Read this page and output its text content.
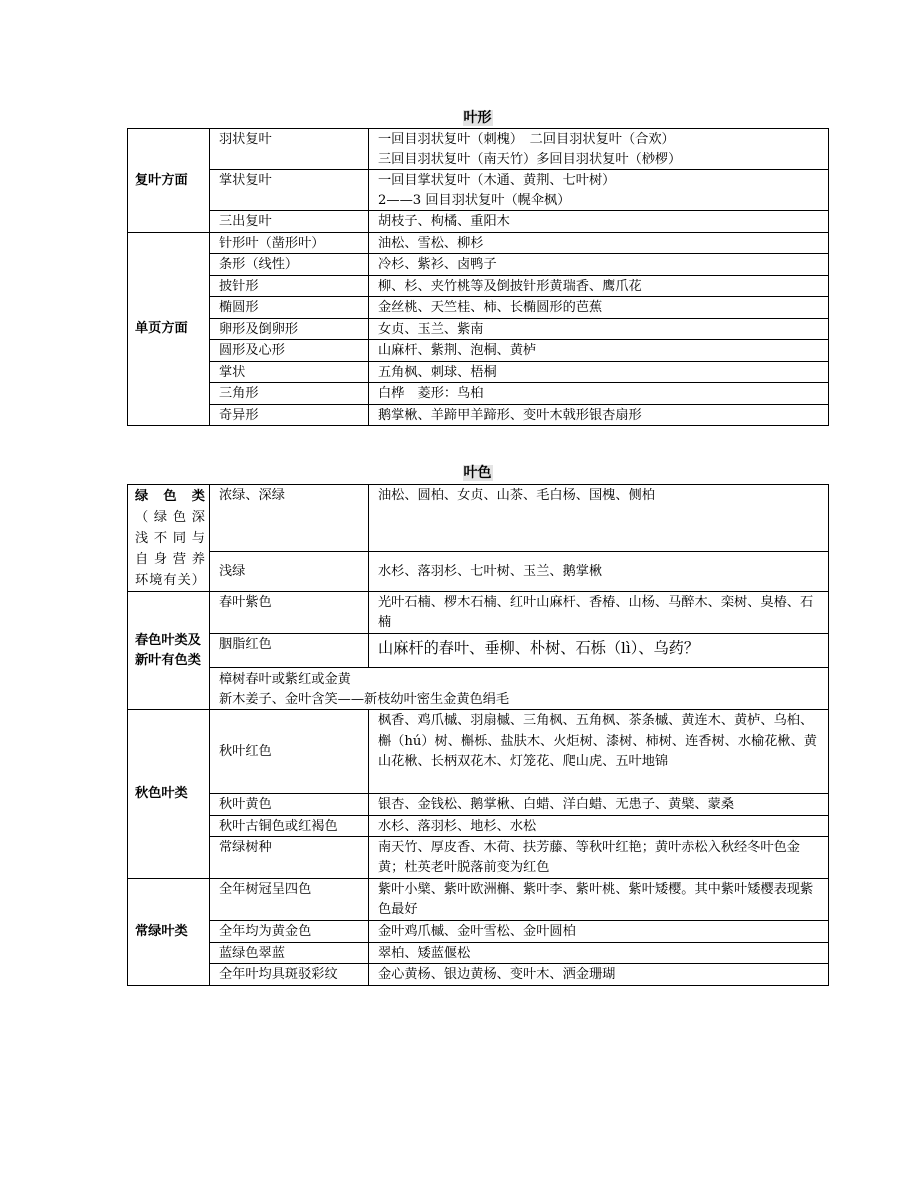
叶形
复叶方面	羽状复叶	一回目羽状复叶（刺槐）　二回目羽状复叶（合欢）
三回目羽状复叶（南天竹）多回目羽状复叶（桫椤）

	掌状复叶	一回目掌状复叶（木通、黄荆、七叶树）
2——3 回目羽状复叶（幌伞枫）

	三出复叶	胡枝子、枸橘、重阳木
单页方面	针形叶（凿形叶）	油松、雪松、柳杉
	条形（线性）	冷杉、紫衫、卤鸭子
	披针形	柳、杉、夹竹桃等及倒披针形黄瑞香、鹰爪花
	椭圆形	金丝桃、天竺桂、柿、长椭圆形的芭蕉
	卵形及倒卵形	女贞、玉兰、紫南
	圆形及心形	山麻杆、紫荆、泡桐、黄栌
	掌状	五角枫、刺球、梧桐
	三角形	白桦　菱形：鸟桕
	奇异形	鹅掌楸、羊蹄甲羊蹄形、变叶木戟形银杏扇形
叶色
绿 色 类
（绿色深
浅不同与
自身营养
环境有关）	浓绿、深绿	油松、圆柏、女贞、山茶、毛白杨、国槐、侧柏
	浅绿	水杉、落羽杉、七叶树、玉兰、鹅掌楸
春色叶类及新叶有色类	春叶紫色	光叶石楠、椤木石楠、红叶山麻杆、香椿、山杨、马醉木、栾树、臭椿、石楠
	胭脂红色	山麻杆的春叶、垂柳、朴树、石栎（lì）、乌药？

	樟树春叶或紫红或金黄
新木姜子、金叶含笑——新枝幼叶密生金黄色绢毛	

秋色叶类	秋叶红色	枫香、鸡爪槭、羽扇槭、三角枫、五角枫、茶条槭、黄连木、黄栌、乌桕、槲（hú）树、槲栎、盐肤木、火炬树、漆树、柿树、连香树、水榆花楸、黄山花楸、长柄双花木、灯笼花、爬山虎、五叶地锦
	秋叶黄色	银杏、金钱松、鹅掌楸、白蜡、洋白蜡、无患子、黄檗、蒙桑
	秋叶古铜色或红褐色	水杉、落羽杉、地杉、水松
	常绿树种	南天竹、厚皮香、木荷、扶芳藤、等秋叶红艳；黄叶赤松入秋经冬叶色金黄；杜英老叶脱落前变为红色
常绿叶类	全年树冠呈四色	紫叶小檗、紫叶欧洲槲、紫叶李、紫叶桃、紫叶矮樱。其中紫叶矮樱表现紫色最好
	全年均为黄金色	金叶鸡爪槭、金叶雪松、金叶圆柏
	蓝绿色翠蓝	翠柏、矮蓝偃松
	全年叶均具斑驳彩纹	金心黄杨、银边黄杨、变叶木、洒金珊瑚
